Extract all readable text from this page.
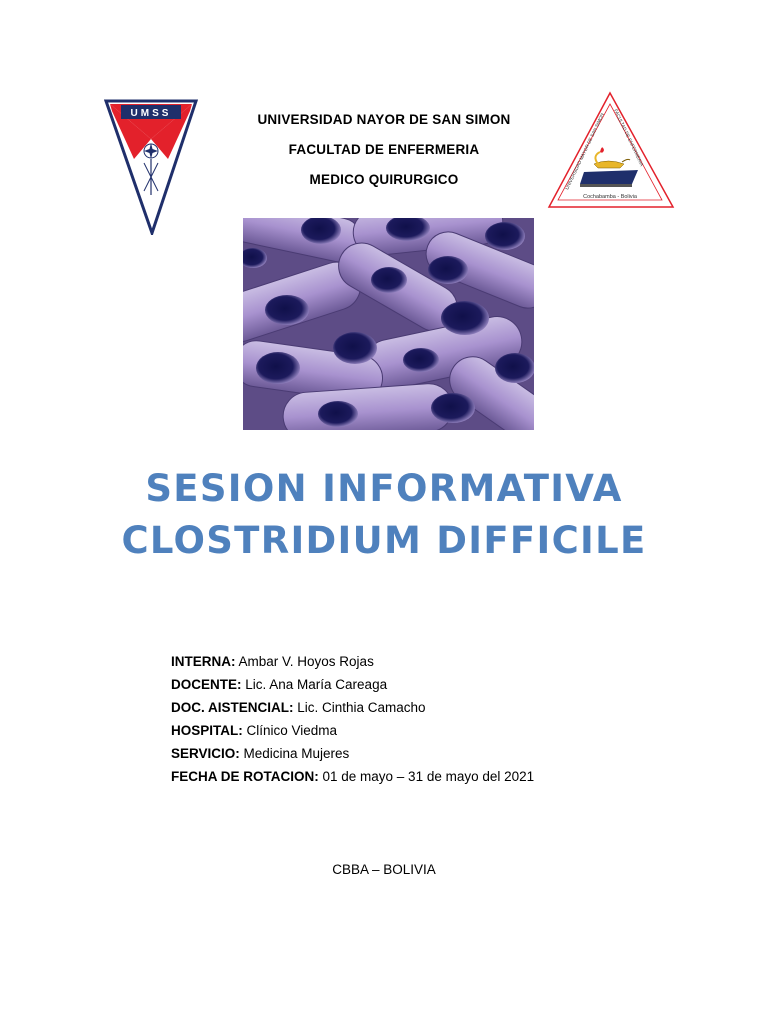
UMSS	UNIVERSIDAD NAYOR DE SAN SIMON
FACULTAD DE ENFERMERIA
MEDICO QUIRURGICO
UNIVERSIDAD MAYOR DE SAN SIMON
FACULTAD DE ENFERMERIA
Cochabamba - Bolivia
SESION INFORMATIVA
CLOSTRIDIUM DIFFICILE
INTERNA: Ambar V. Hoyos Rojas
DOCENTE: Lic. Ana María Careaga
DOC. AISTENCIAL: Lic. Cinthia Camacho
HOSPITAL: Clínico Viedma
SERVICIO: Medicina Mujeres
FECHA DE ROTACION: 01 de mayo – 31 de mayo del 2021
CBBA – BOLIVIA
